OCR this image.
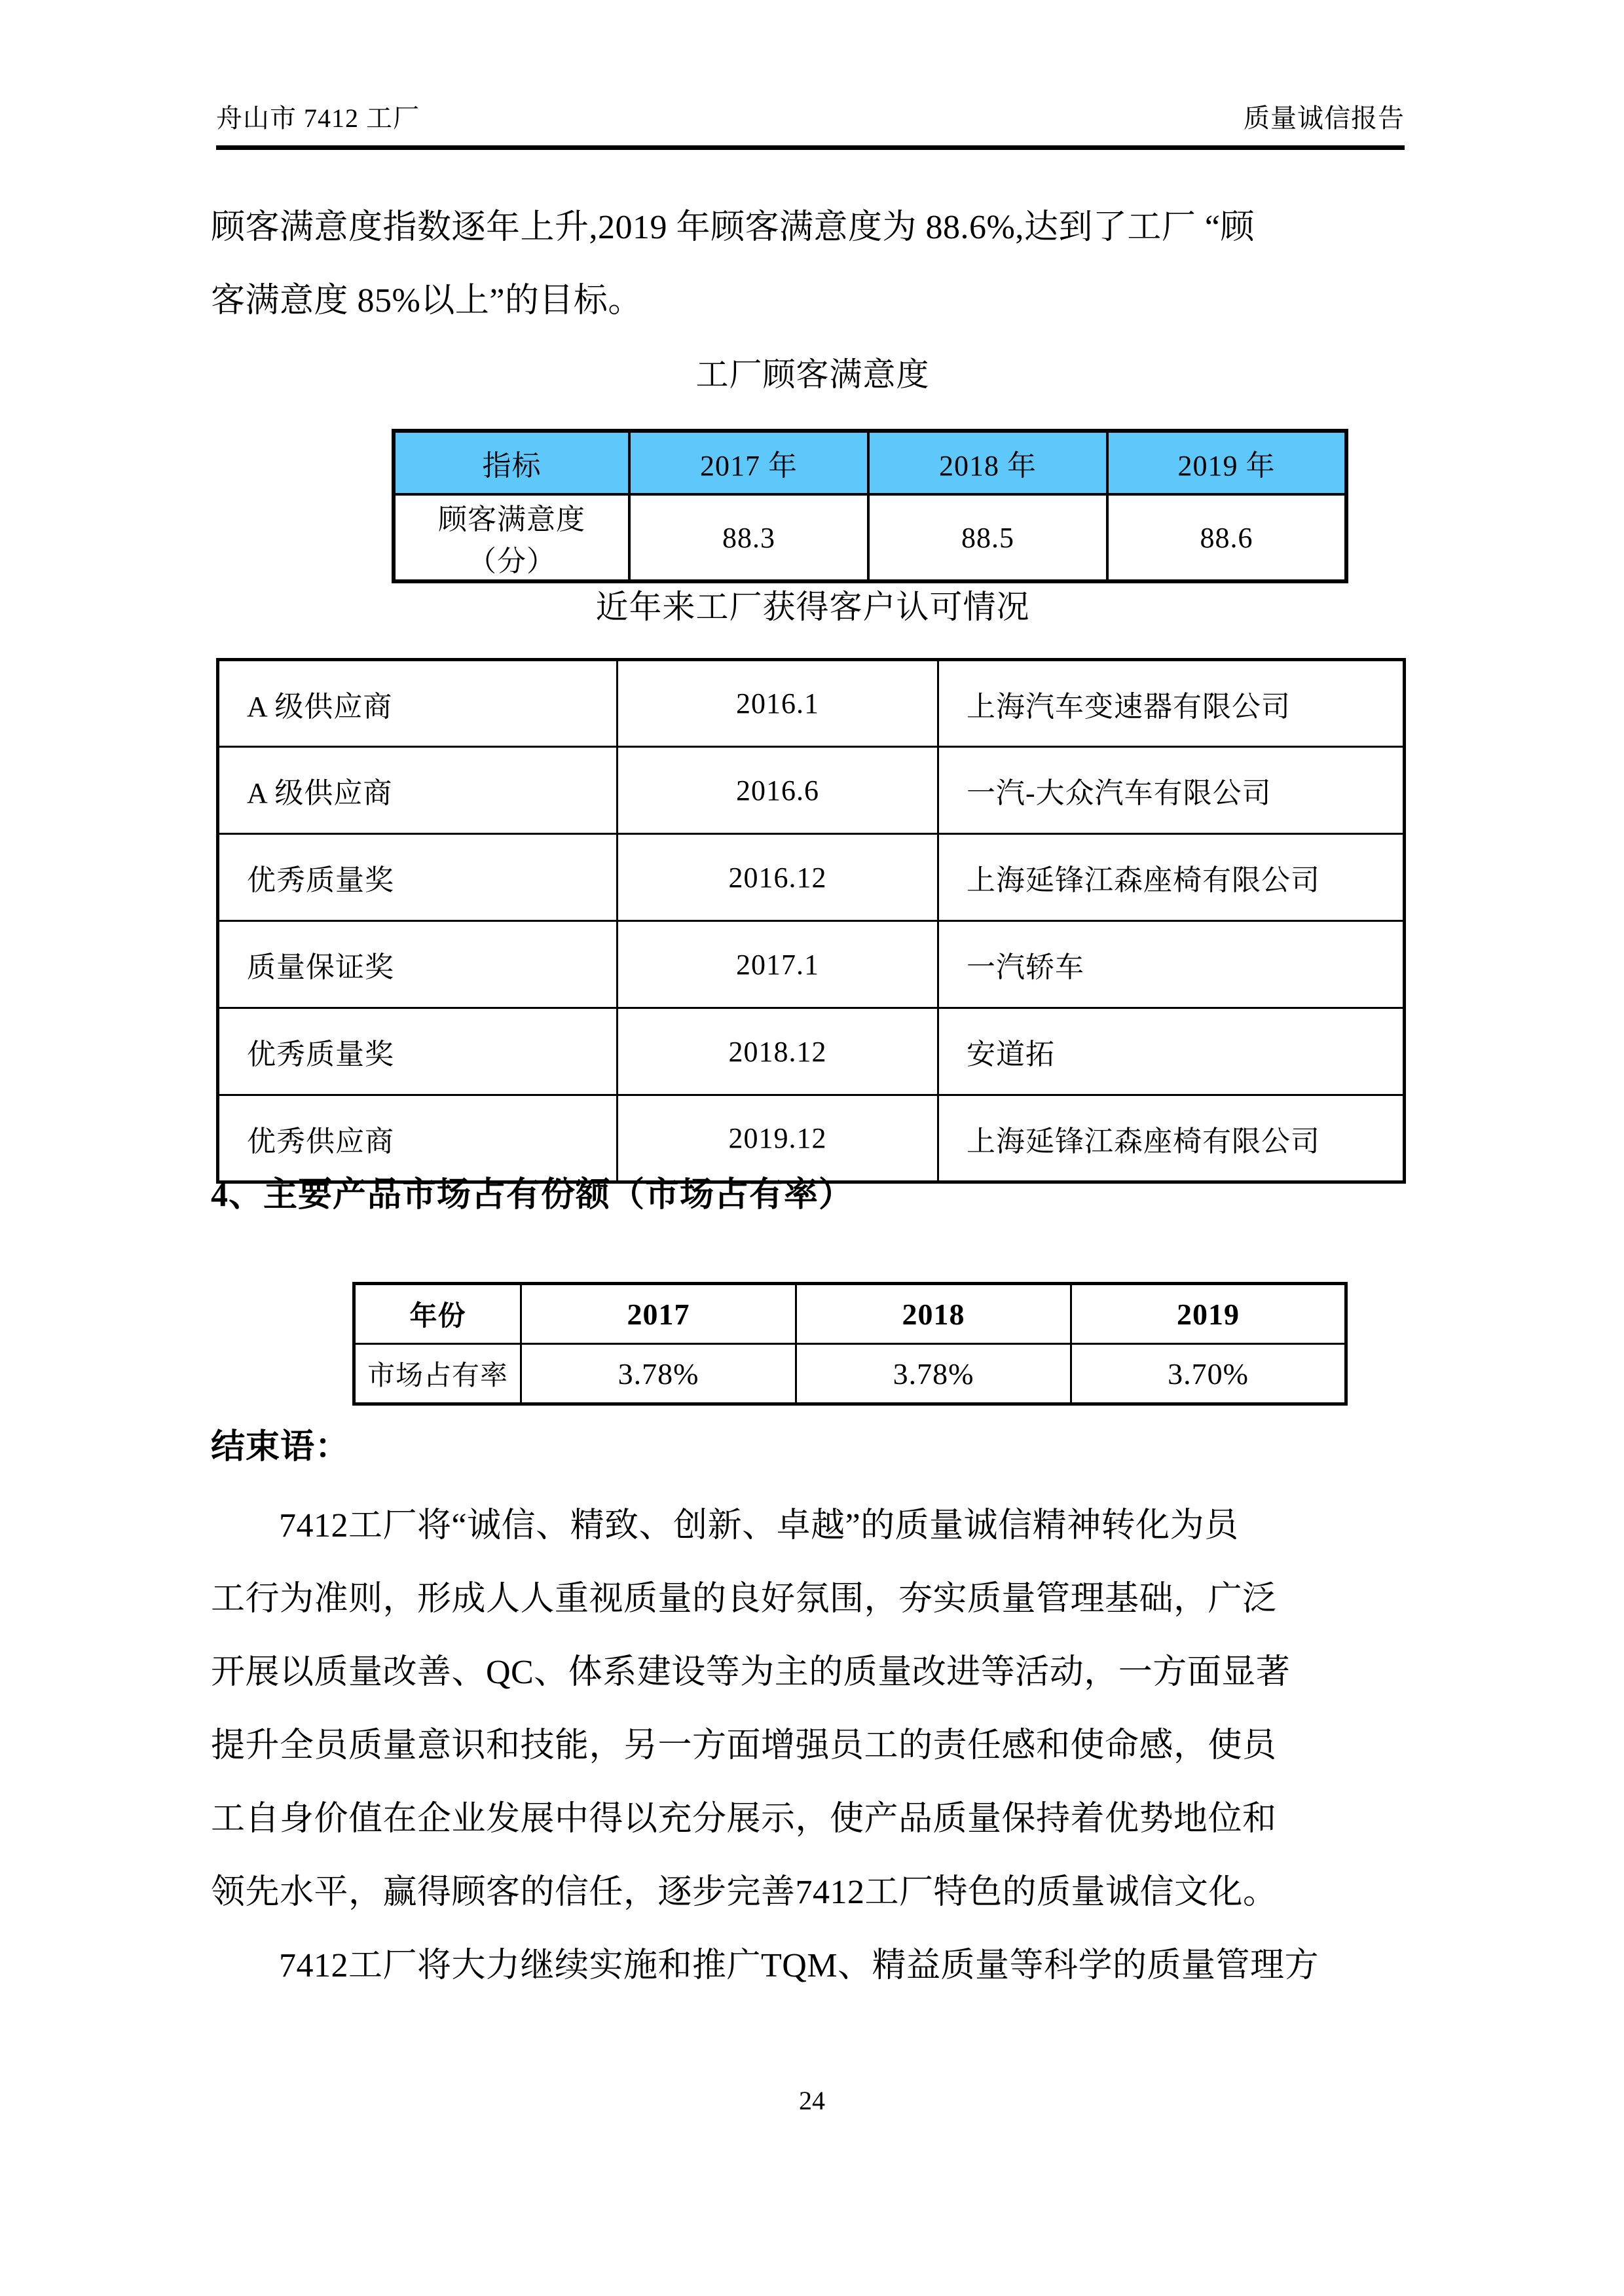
舟山市 7412 工厂	质量诚信报告

顾客满意度指数逐年上升,2019 年顾客满意度为 88.6%,达到了工厂 “顾

客满意度 85%以上”的目标。

工厂顾客满意度

指标	2017 年	2018 年	2019 年
顾客满意度（分）	88.3	88.5	88.6

近年来工厂获得客户认可情况

A 级供应商	2016.1	上海汽车变速器有限公司
A 级供应商	2016.6	一汽-大众汽车有限公司
优秀质量奖	2016.12	上海延锋江森座椅有限公司
质量保证奖	2017.1	一汽轿车
优秀质量奖	2018.12	安道拓
优秀供应商	2019.12	上海延锋江森座椅有限公司

4、主要产品市场占有份额（市场占有率）

年份	2017	2018	2019
市场占有率	3.78%	3.78%	3.70%

结束语：

7412工厂将“诚信、精致、创新、卓越”的质量诚信精神转化为员

工行为准则，形成人人重视质量的良好氛围，夯实质量管理基础，广泛

开展以质量改善、QC、体系建设等为主的质量改进等活动，一方面显著

提升全员质量意识和技能，另一方面增强员工的责任感和使命感，使员

工自身价值在企业发展中得以充分展示，使产品质量保持着优势地位和

领先水平，赢得顾客的信任，逐步完善7412工厂特色的质量诚信文化。

7412工厂将大力继续实施和推广TQM、精益质量等科学的质量管理方

24
